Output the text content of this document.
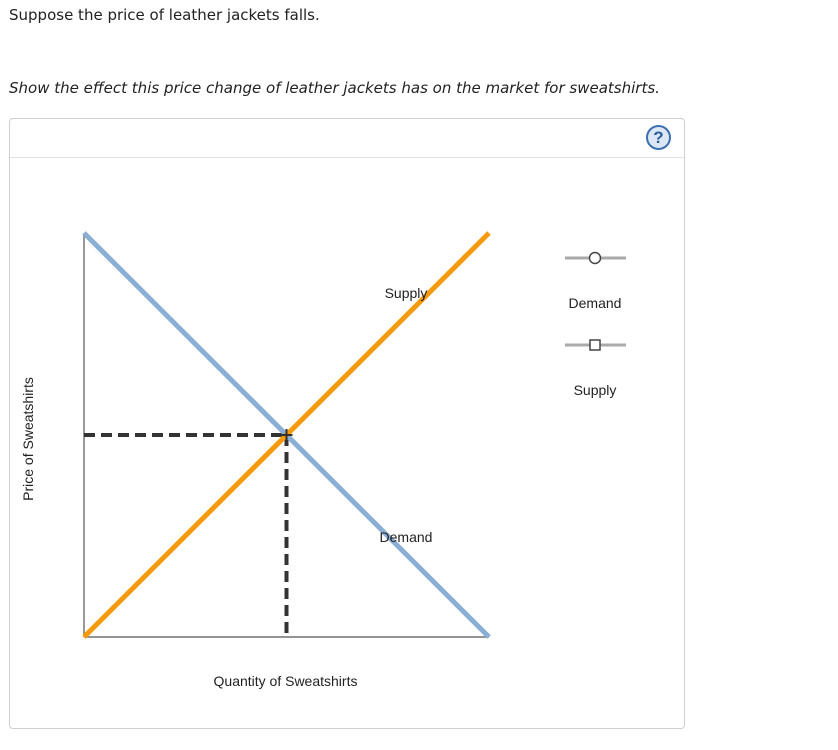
Suppose the price of leather jackets falls.
Show the effect this price change of leather jackets has on the market for sweatshirts.
?
Quantity of Sweatshirts
Price of Sweatshirts
Supply
Demand
Demand
Supply
